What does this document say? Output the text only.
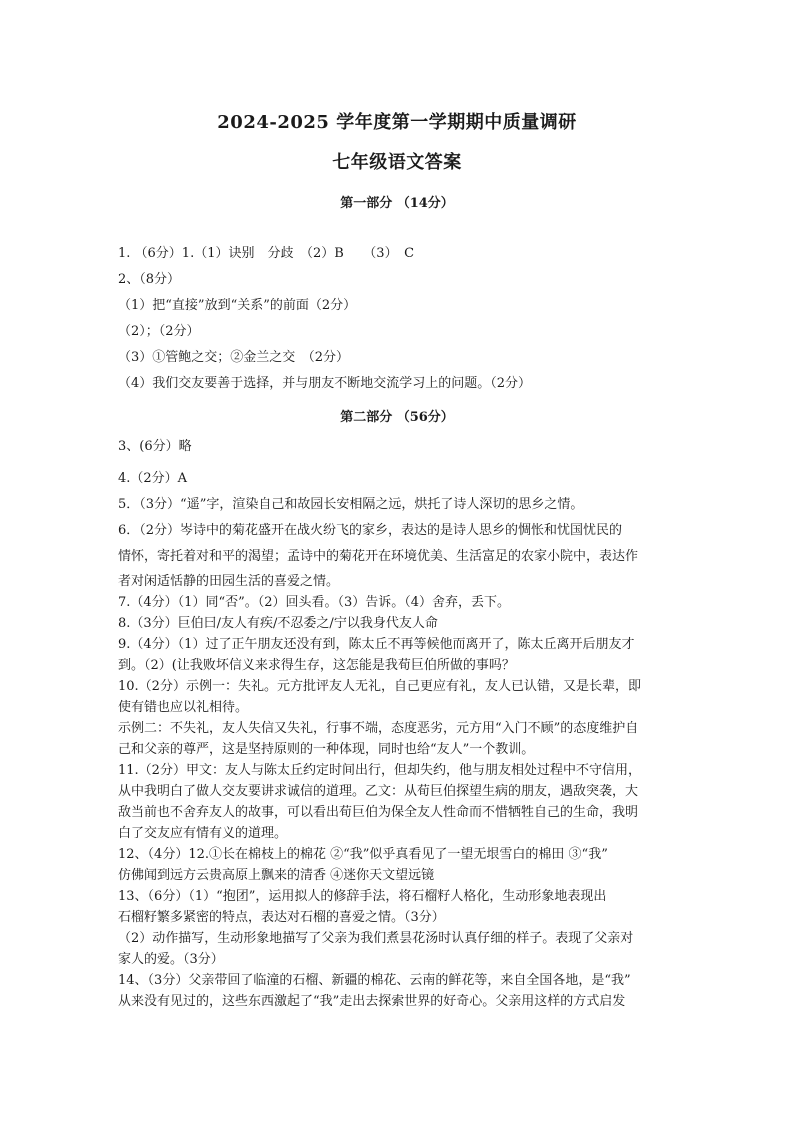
2024-2025 学年度第一学期期中质量调研
七年级语文答案
第一部分 （14分）
1. （6分）1.（1）诀别　分歧　（2）B　　（3）　C
2、（8分）
（1）把“直接”放到“关系”的前面（2分）
（2）；（2分）
（3）①管鲍之交；②金兰之交　（2分）
（4）我们交友要善于选择，并与朋友不断地交流学习上的问题。（2分）
第二部分 （56分）
3、(6分）略
4.（2分）A
5．（3分）“遥”字，渲染自己和故园长安相隔之远，烘托了诗人深切的思乡之情。
6．（2分）岑诗中的菊花盛开在战火纷飞的家乡，表达的是诗人思乡的惆怅和忧国忧民的
情怀，寄托着对和平的渴望；孟诗中的菊花开在环境优美、生活富足的农家小院中，表达作
者对闲适恬静的田园生活的喜爱之情。
7.（4分）（1）同“否”。（2）回头看。（3）告诉。（4）舍弃，丢下。
8.（3分）巨伯曰/友人有疾/不忍委之/宁以我身代友人命
9.（4分）（1）过了正午朋友还没有到，陈太丘不再等候他而离开了，陈太丘离开后朋友才
到。（2）(让我败坏信义来求得生存，这怎能是我荀巨伯所做的事吗？
10.（2分）示例一：失礼。元方批评友人无礼，自己更应有礼，友人已认错，又是长辈，即
使有错也应以礼相待。
示例二：不失礼，友人失信又失礼，行事不端，态度恶劣，元方用“入门不顾”的态度维护自
己和父亲的尊严，这是坚持原则的一种体现，同时也给“友人”一个教训。
11.（2分）甲文：友人与陈太丘约定时间出行，但却失约，他与朋友相处过程中不守信用，
从中我明白了做人交友要讲求诚信的道理。乙文：从荀巨伯探望生病的朋友，遇敌突袭，大
敌当前也不舍弃友人的故事，可以看出荀巨伯为保全友人性命而不惜牺牲自己的生命，我明
白了交友应有情有义的道理。
12、（4分）12.①长在棉枝上的棉花 ②“我”似乎真看见了一望无垠雪白的棉田 ③“我”
仿佛闻到远方云贵高原上飘来的清香 ④迷你天文望远镜
13、（6分）（1）“抱团”，运用拟人的修辞手法，将石榴籽人格化，生动形象地表现出
石榴籽繁多紧密的特点，表达对石榴的喜爱之情。（3分）
（2）动作描写，生动形象地描写了父亲为我们煮昙花汤时认真仔细的样子。表现了父亲对
家人的爱。（3分）
14、（3分）父亲带回了临潼的石榴、新疆的棉花、云南的鲜花等，来自全国各地，是“我”
从来没有见过的，这些东西激起了“我”走出去探索世界的好奇心。父亲用这样的方式启发
